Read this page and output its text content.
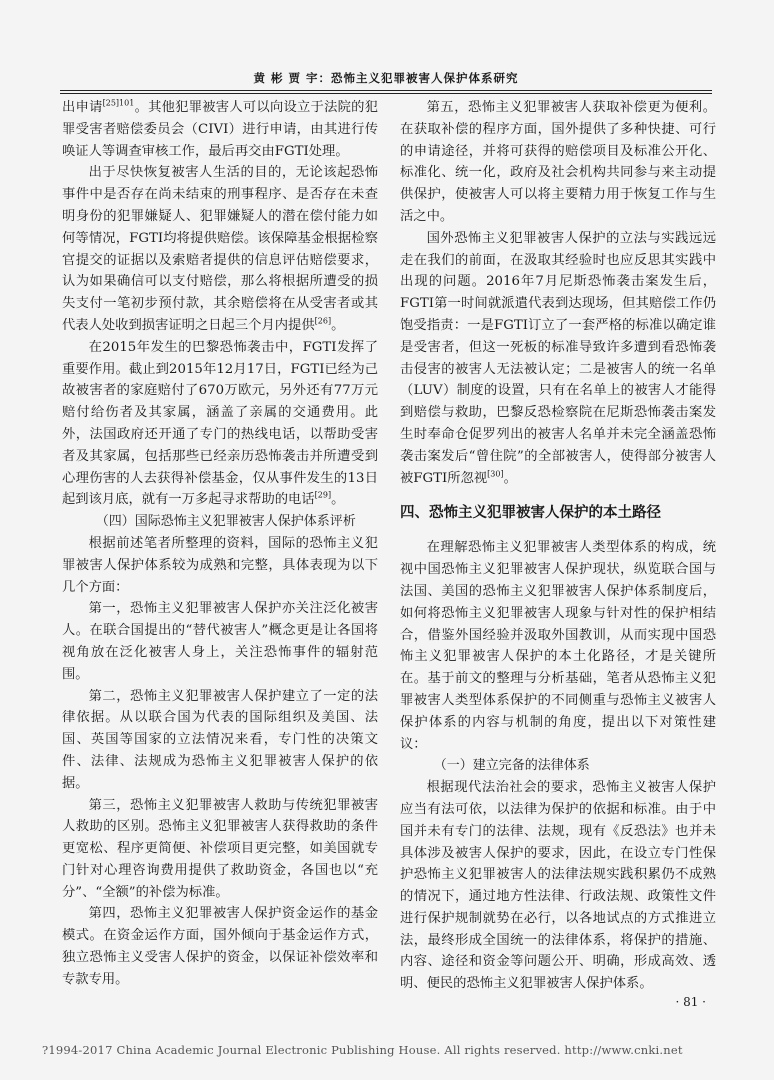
黄 彬 贾 宇：恐怖主义犯罪被害人保护体系研究

出申请$^{[25]101}$。其他犯罪被害人可以向设立于法院的犯罪受害者赔偿委员会（CIVI）进行申请，由其进行传唤证人等调查审核工作，最后再交由FGTI处理。

出于尽快恢复被害人生活的目的，无论该起恐怖事件中是否存在尚未结束的刑事程序、是否存在未查明身份的犯罪嫌疑人、犯罪嫌疑人的潜在偿付能力如何等情况，FGTI均将提供赔偿。该保障基金根据检察官提交的证据以及索赔者提供的信息评估赔偿要求，认为如果确信可以支付赔偿，那么将根据所遭受的损失支付一笔初步预付款，其余赔偿将在从受害者或其代表人处收到损害证明之日起三个月内提供[26]。

在2015年发生的巴黎恐怖袭击中，FGTI发挥了重要作用。截止到2015年12月17日，FGTI已经为己故被害者的家庭赔付了670万欧元，另外还有77万元赔付给伤者及其家属，涵盖了亲属的交通费用。此外，法国政府还开通了专门的热线电话，以帮助受害者及其家属，包括那些已经亲历恐怖袭击并所遭受到心理伤害的人去获得补偿基金，仅从事件发生的13日起到该月底，就有一万多起寻求帮助的电话[29]。

（四）国际恐怖主义犯罪被害人保护体系评析

根据前述笔者所整理的资料，国际的恐怖主义犯罪被害人保护体系较为成熟和完整，具体表现为以下几个方面：

第一，恐怖主义犯罪被害人保护亦关注泛化被害人。在联合国提出的“替代被害人”概念更是让各国将视角放在泛化被害人身上，关注恐怖事件的辐射范围。

第二，恐怖主义犯罪被害人保护建立了一定的法律依据。从以联合国为代表的国际组织及美国、法国、英国等国家的立法情况来看，专门性的决策文件、法律、法规成为恐怖主义犯罪被害人保护的依据。

第三，恐怖主义犯罪被害人救助与传统犯罪被害人救助的区别。恐怖主义犯罪被害人获得救助的条件更宽松、程序更简便、补偿项目更完整，如美国就专门针对心理咨询费用提供了救助资金，各国也以“充分”、“全额”的补偿为标准。

第四，恐怖主义犯罪被害人保护资金运作的基金模式。在资金运作方面，国外倾向于基金运作方式，独立恐怖主义受害人保护的资金，以保证补偿效率和专款专用。

第五，恐怖主义犯罪被害人获取补偿更为便利。在获取补偿的程序方面，国外提供了多种快捷、可行的申请途径，并将可获得的赔偿项目及标准公开化、标准化、统一化，政府及社会机构共同参与来主动提供保护，使被害人可以将主要精力用于恢复工作与生活之中。

国外恐怖主义犯罪被害人保护的立法与实践远远走在我们的前面，在汲取其经验时也应反思其实践中出现的问题。2016年7月尼斯恐怖袭击案发生后，FGTI第一时间就派遣代表到达现场，但其赔偿工作仍饱受指责：一是FGTI订立了一套严格的标准以确定谁是受害者，但这一死板的标准导致许多遭到看恐怖袭击侵害的被害人无法被认定；二是被害人的统一名单（LUV）制度的设置，只有在名单上的被害人才能得到赔偿与救助，巴黎反恐检察院在尼斯恐怖袭击案发生时奉命仓促罗列出的被害人名单并未完全涵盖恐怖袭击案发后“曾住院”的全部被害人，使得部分被害人被FGTI所忽视[30]。

四、恐怖主义犯罪被害人保护的本土路径

在理解恐怖主义犯罪被害人类型体系的构成，统视中国恐怖主义犯罪被害人保护现状，纵览联合国与法国、美国的恐怖主义犯罪被害人保护体系制度后，如何将恐怖主义犯罪被害人现象与针对性的保护相结合，借鉴外国经验并汲取外国教训，从而实现中国恐怖主义犯罪被害人保护的本土化路径，才是关键所在。基于前文的整理与分析基础，笔者从恐怖主义犯罪被害人类型体系保护的不同侧重与恐怖主义被害人保护体系的内容与机制的角度，提出以下对策性建议：

（一）建立完备的法律体系

根据现代法治社会的要求，恐怖主义被害人保护应当有法可依，以法律为保护的依据和标准。由于中国并未有专门的法律、法规，现有《反恐法》也并未具体涉及被害人保护的要求，因此，在设立专门性保护恐怖主义犯罪被害人的法律法规实践积累仍不成熟的情况下，通过地方性法律、行政法规、政策性文件进行保护规制就势在必行，以各地试点的方式推进立法，最终形成全国统一的法律体系，将保护的措施、内容、途径和资金等问题公开、明确，形成高效、透明、便民的恐怖主义犯罪被害人保护体系。

· 81 ·
?1994-2017 China Academic Journal Electronic Publishing House. All rights reserved. http://www.cnki.net
